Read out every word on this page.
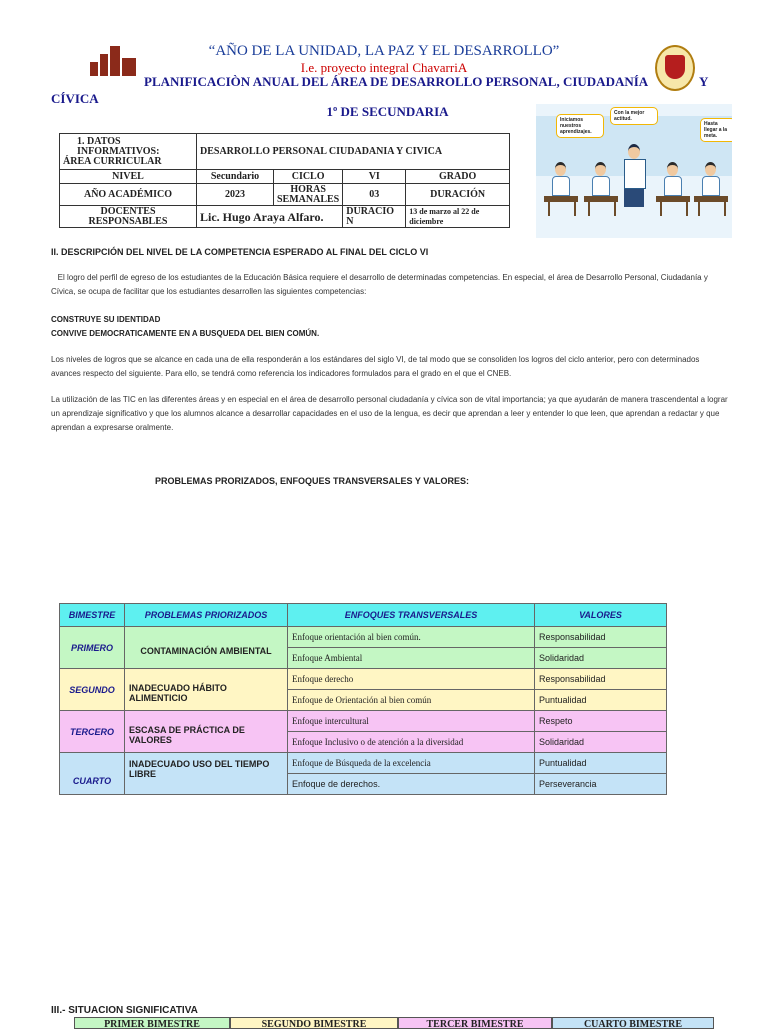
“AÑO DE LA UNIDAD, LA PAZ Y EL DESARROLLO”
I.e. proyecto integral ChavarriA
PLANIFICACIÒN ANUAL DEL ÁREA DE DESARROLLO PERSONAL, CIUDADANÍA	Y
CÍVICA
1º DE SECUNDARIA
1. DATOS INFORMATIVOS:
ÁREA CURRICULAR	DESARROLLO PERSONAL CIUDADANIA Y CIVICA			
NIVEL	Secundario	CICLO	VI	GRADO
AÑO ACADÉMICO	2023	HORAS SEMANALES	03	DURACIÓN
DOCENTES RESPONSABLES	Lic. Hugo Araya Alfaro.		DURACIO N	13 de marzo al 22 de diciembre
Iniciamos nuestros aprendizajes.
Con la mejor actitud.
Hasta llegar a la meta.
II. DESCRIPCIÓN DEL NIVEL DE LA COMPETENCIA ESPERADO AL FINAL DEL CICLO VI
El logro del perfil de egreso de los estudiantes de la Educación Básica requiere el desarrollo de determinadas competencias. En especial, el área de Desarrollo Personal, Ciudadanía y Cívica, se ocupa de facilitar que los estudiantes desarrollen las siguientes competencias:
CONSTRUYE SU IDENTIDAD
CONVIVE DEMOCRATICAMENTE EN A BUSQUEDA DEL BIEN COMÚN.
Los niveles de logros que se alcance en cada una de ella responderán a los estándares del siglo VI, de tal modo que se consoliden los logros del ciclo anterior, pero con determinados avances respecto del siguiente. Para ello, se tendrá como referencia los indicadores formulados para el grado en el que el CNEB.
La utilización de las TIC en las diferentes áreas y en especial en el área de desarrollo personal ciudadanía y cívica son de vital importancia; ya que ayudarán de manera trascendental a lograr un aprendizaje significativo y que los alumnos alcance a desarrollar capacidades en el uso de la lengua, es decir que aprendan a leer y entender lo que leen, que aprendan a redactar y que aprendan a expresarse oralmente.
PROBLEMAS PRORIZADOS, ENFOQUES TRANSVERSALES Y VALORES:
BIMESTRE	PROBLEMAS PRIORIZADOS	ENFOQUES TRANSVERSALES	VALORES
PRIMERO	CONTAMINACIÓN AMBIENTAL	Enfoque orientación al bien común.	Responsabilidad
		Enfoque Ambiental	Solidaridad
SEGUNDO	INADECUADO HÁBITO ALIMENTICIO	Enfoque derecho	Responsabilidad
		Enfoque de Orientación al bien común	Puntualidad
TERCERO	ESCASA DE PRÁCTICA DE VALORES	Enfoque intercultural	Respeto
		Enfoque Inclusivo o de atención a la diversidad	Solidaridad
CUARTO	INADECUADO USO DEL TIEMPO LIBRE	Enfoque de Búsqueda de la excelencia	Puntualidad
		Enfoque de derechos.	Perseverancia
III.- SITUACION SIGNIFICATIVA
PRIMER BIMESTRE	SEGUNDO BIMESTRE	TERCER BIMESTRE	CUARTO BIMESTRE
